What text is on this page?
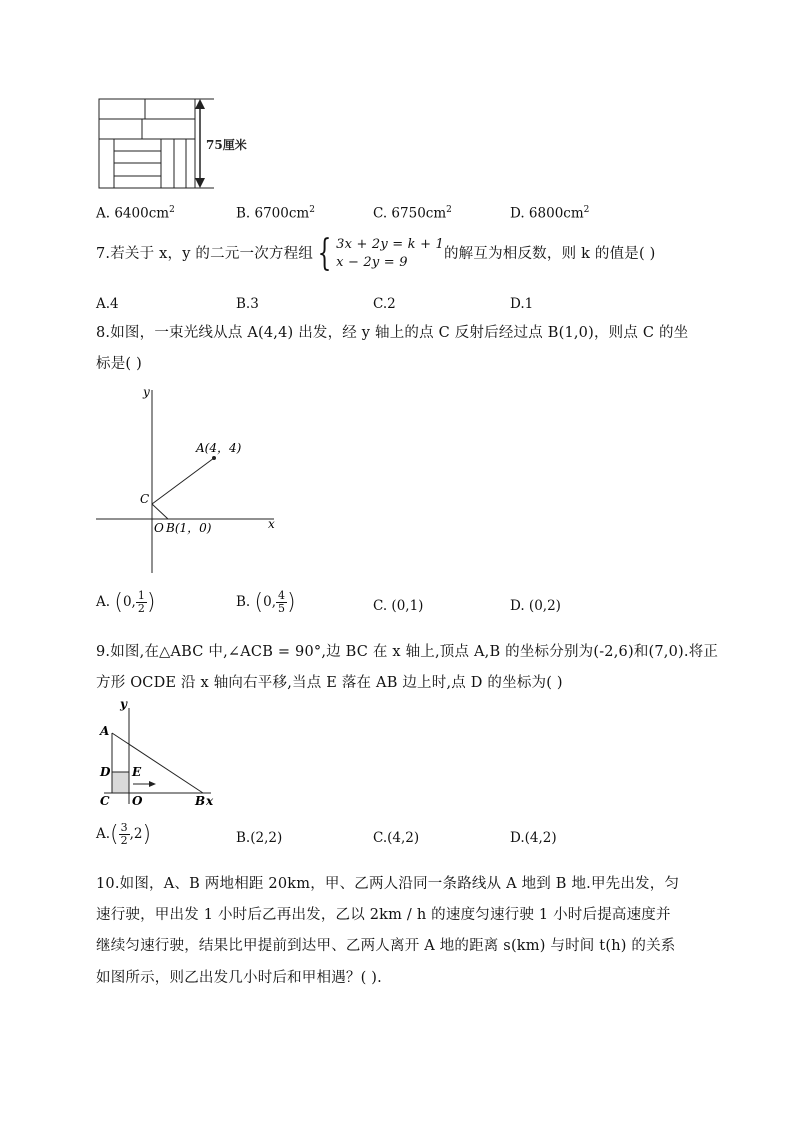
75厘米
A. $6400cm^2$	B. $6700cm^2$	C. $6750cm^2$	D. $6800cm^2$
7.若关于 x，y 的二元一次方程组 { 3x + 2y = k + 1
x − 2y = 9
的解互为相反数，则 k 的值是( )
A.4	B.3	C.2	D.1
8.如图，一束光线从点 A(4,4) 出发，经 y 轴上的点 C 反射后经过点 B(1,0)，则点 C 的坐
标是( )
y
x
A(4，4)
C
O B(1，0)
A. (0, $\frac{1}{2}$ )	B. (0, $\frac{4}{5}$ )	C. (0,1)	D. (0,2)
9.如图,在△ABC 中,∠ACB = 90°,边 BC 在 x 轴上,顶点 A,B 的坐标分别为(-2,6)和(7,0).将正
方形 OCDE 沿 x 轴向右平移,当点 E 落在 AB 边上时,点 D 的坐标为( )
y
A
D E
C O	B x
$A.( \frac{3}{2} ,2)$	B.(2,2)	C.(4,2)	D.(4,2)
10.如图，A、B 两地相距 20km，甲、乙两人沿同一条路线从 A 地到 B 地.甲先出发，匀
速行驶，甲出发 1 小时后乙再出发，乙以 2km / h 的速度匀速行驶 1 小时后提高速度并
继续匀速行驶，结果比甲提前到达甲、乙两人离开 A 地的距离 s(km) 与时间 t(h) 的关系
如图所示，则乙出发几小时后和甲相遇？( ).
